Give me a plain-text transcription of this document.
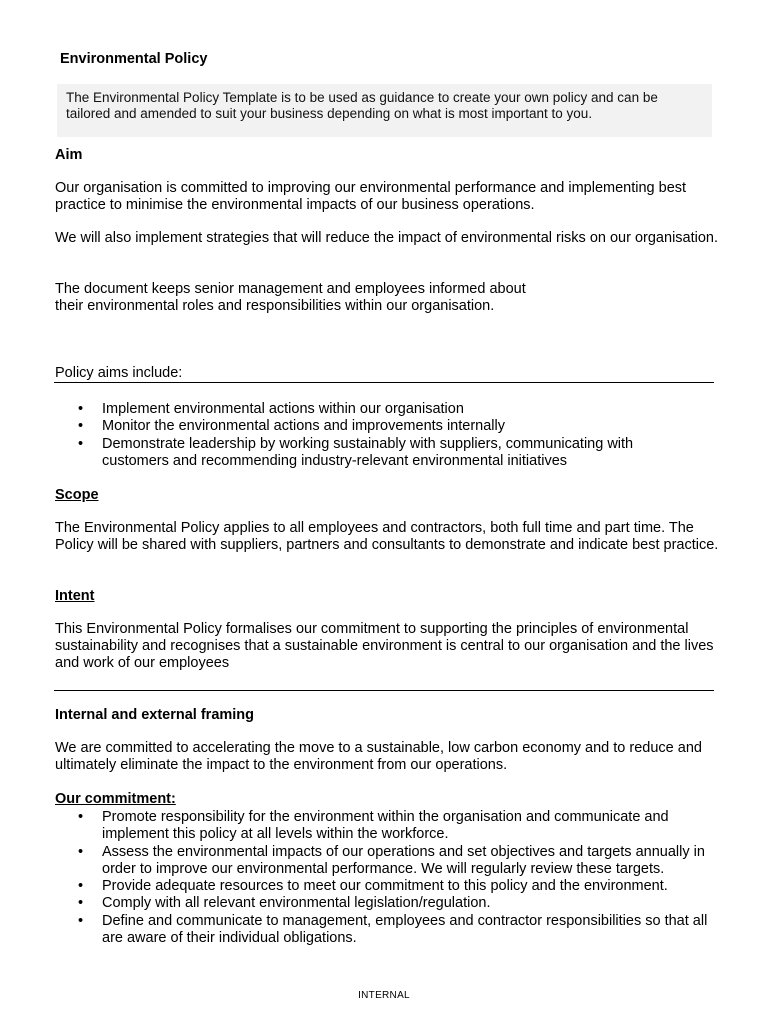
Environmental Policy
The Environmental Policy Template is to be used as guidance to create your own policy and can be tailored and amended to suit your business depending on what is most important to you.
Aim
Our organisation is committed to improving our environmental performance and implementing best practice to minimise the environmental impacts of our business operations.
We will also implement strategies that will reduce the impact of environmental risks on our organisation.
The document keeps senior management and employees informed about
their environmental roles and responsibilities within our organisation.
Policy aims include:
• Implement environmental actions within our organisation
• Monitor the environmental actions and improvements internally
• Demonstrate leadership by working sustainably with suppliers, communicating with customers and recommending industry-relevant environmental initiatives
Scope
The Environmental Policy applies to all employees and contractors, both full time and part time. The Policy will be shared with suppliers, partners and consultants to demonstrate and indicate best practice.
Intent
This Environmental Policy formalises our commitment to supporting the principles of environmental sustainability and recognises that a sustainable environment is central to our organisation and the lives and work of our employees
Internal and external framing
We are committed to accelerating the move to a sustainable, low carbon economy and to reduce and ultimately eliminate the impact to the environment from our operations.
Our commitment:
• Promote responsibility for the environment within the organisation and communicate and implement this policy at all levels within the workforce.
• Assess the environmental impacts of our operations and set objectives and targets annually in order to improve our environmental performance. We will regularly review these targets.
• Provide adequate resources to meet our commitment to this policy and the environment.
• Comply with all relevant environmental legislation/regulation.
• Define and communicate to management, employees and contractor responsibilities so that all are aware of their individual obligations.
INTERNAL
